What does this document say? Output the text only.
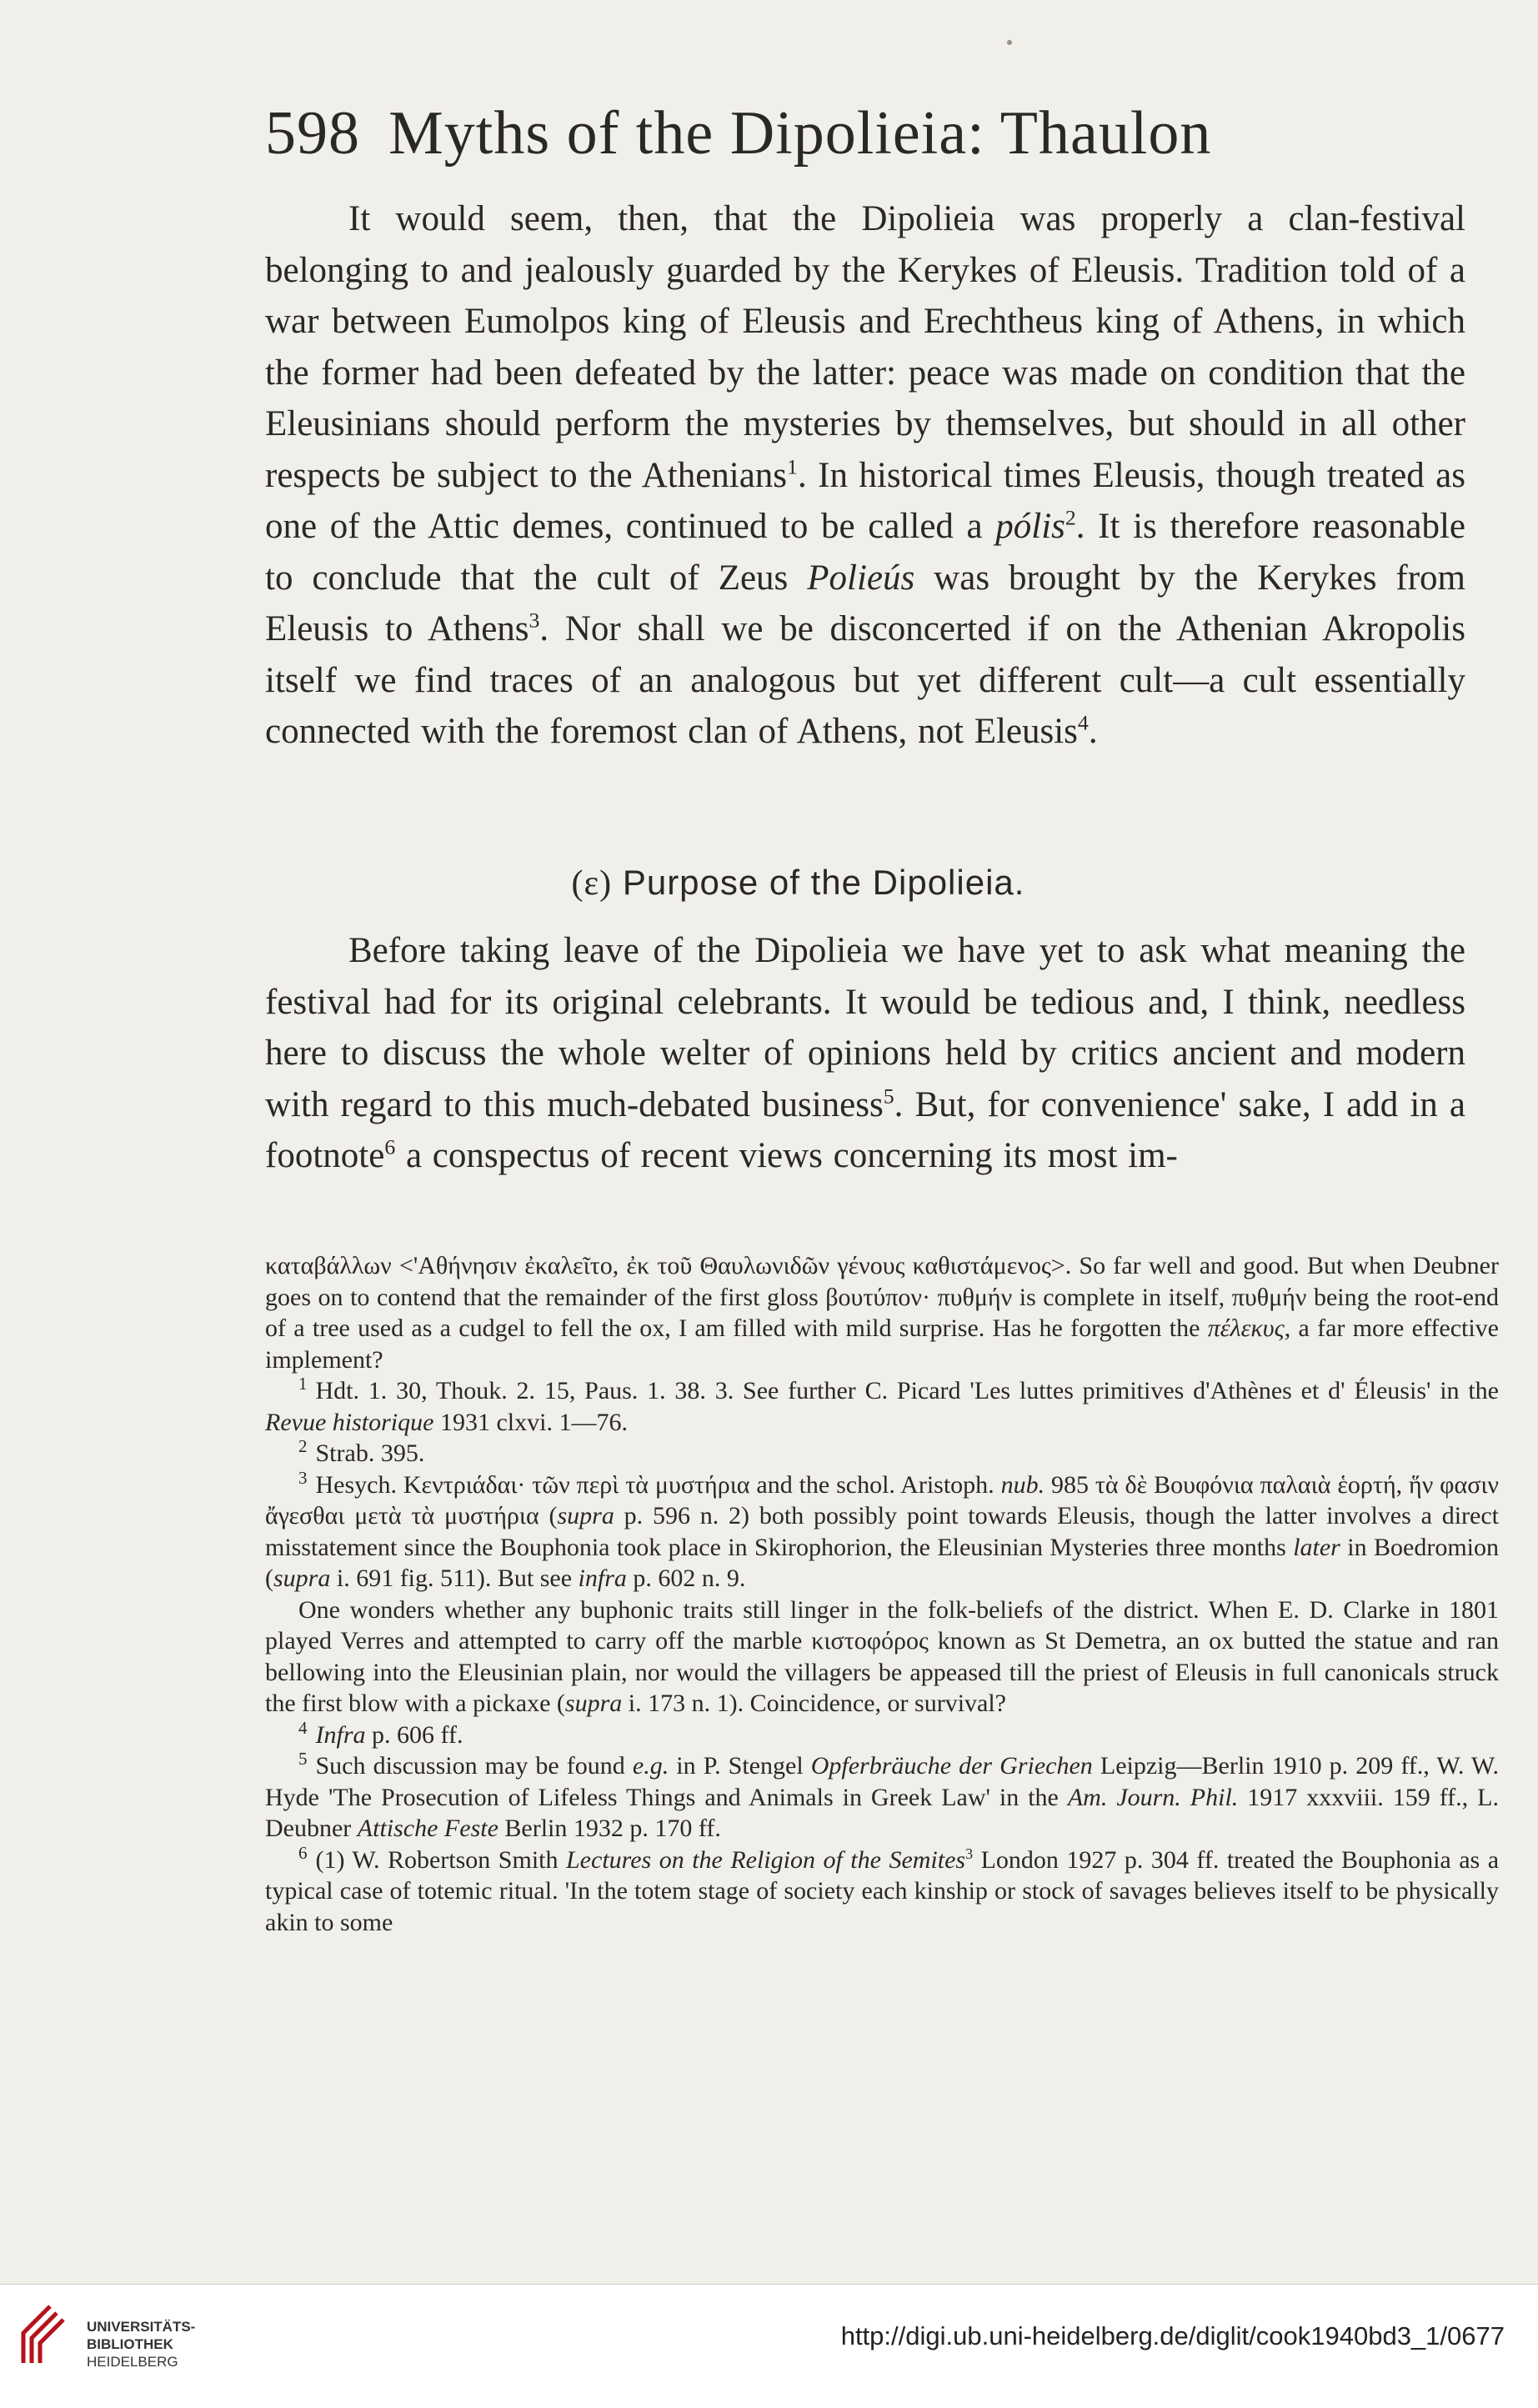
598 Myths of the Dipolieia: Thaulon

It would seem, then, that the Dipolieia was properly a clan-festival belonging to and jealously guarded by the Kerykes of Eleusis. Tradition told of a war between Eumolpos king of Eleusis and Erechtheus king of Athens, in which the former had been defeated by the latter: peace was made on condition that the Eleusinians should perform the mysteries by themselves, but should in all other respects be subject to the Athenians$^1$. In historical times Eleusis, though treated as one of the Attic demes, continued to be called a pólis$^2$. It is therefore reasonable to conclude that the cult of Zeus Polieús was brought by the Kerykes from Eleusis to Athens$^3$. Nor shall we be disconcerted if on the Athenian Akropolis itself we find traces of an analogous but yet different cult—a cult essentially connected with the foremost clan of Athens, not Eleusis$^4$.

(ε) Purpose of the Dipolieia.

Before taking leave of the Dipolieia we have yet to ask what meaning the festival had for its original celebrants. It would be tedious and, I think, needless here to discuss the whole welter of opinions held by critics ancient and modern with regard to this much-debated business$^5$. But, for convenience' sake, I add in a footnote$^6$ a conspectus of recent views concerning its most im-

καταβάλλων <'Αθήνησιν ἐκαλεῖτο, ἐκ τοῦ Θαυλωνιδῶν γένους καθιστάμενος>. So far well and good. But when Deubner goes on to contend that the remainder of the first gloss βουτύπον· πυθμήν is complete in itself, πυθμήν being the root-end of a tree used as a cudgel to fell the ox, I am filled with mild surprise. Has he forgotten the πέλεκυς, a far more effective implement?

$^1$ Hdt. 1. 30, Thouk. 2. 15, Paus. 1. 38. 3. See further C. Picard 'Les luttes primitives d'Athènes et d' Éleusis' in the Revue historique 1931 clxvi. 1—76.

$^2$ Strab. 395.

$^3$ Hesych. Κεντριάδαι· τῶν περὶ τὰ μυστήρια and the schol. Aristoph. nub. 985 τὰ δὲ Βουφόνια παλαιὰ ἑορτή, ἥν φασιν ἄγεσθαι μετὰ τὰ μυστήρια (supra p. 596 n. 2) both possibly point towards Eleusis, though the latter involves a direct misstatement since the Bouphonia took place in Skirophorion, the Eleusinian Mysteries three months later in Boedromion (supra i. 691 fig. 511). But see infra p. 602 n. 9.

One wonders whether any buphonic traits still linger in the folk-beliefs of the district. When E. D. Clarke in 1801 played Verres and attempted to carry off the marble κιστοφόρος known as St Demetra, an ox butted the statue and ran bellowing into the Eleusinian plain, nor would the villagers be appeased till the priest of Eleusis in full canonicals struck the first blow with a pickaxe (supra i. 173 n. 1). Coincidence, or survival?

$^4$ Infra p. 606 ff.

$^5$ Such discussion may be found e.g. in P. Stengel Opferbräuche der Griechen Leipzig—Berlin 1910 p. 209 ff., W. W. Hyde 'The Prosecution of Lifeless Things and Animals in Greek Law' in the Am. Journ. Phil. 1917 xxxviii. 159 ff., L. Deubner Attische Feste Berlin 1932 p. 170 ff.

$^6$ (1) W. Robertson Smith Lectures on the Religion of the Semites$^3$ London 1927 p. 304 ff. treated the Bouphonia as a typical case of totemic ritual. 'In the totem stage of society each kinship or stock of savages believes itself to be physically akin to some

UNIVERSITÄTS-
BIBLIOTHEK
HEIDELBERG
http://digi.ub.uni-heidelberg.de/diglit/cook1940bd3_1/0677
